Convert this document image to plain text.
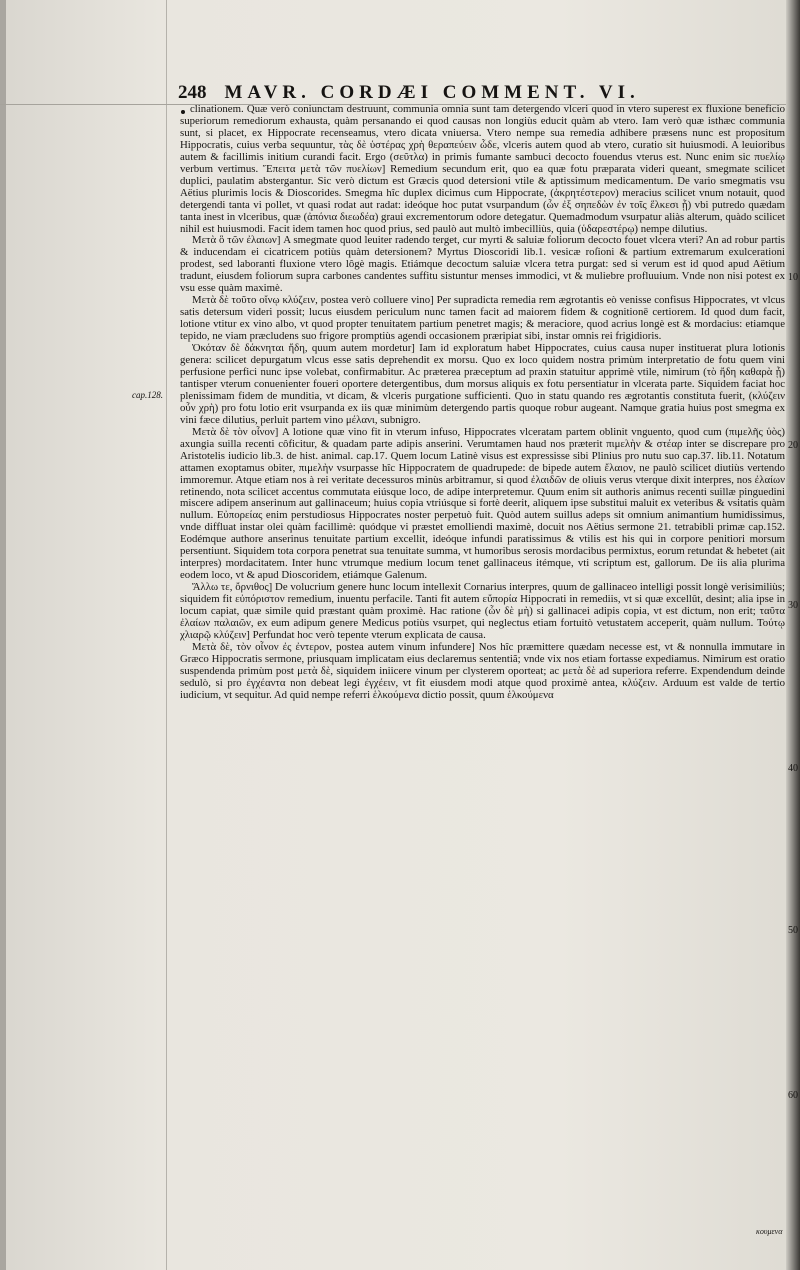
248 MAVR. CORDÆI COMMENT. VI.
cap.128.
10
20
30
40
50
60

clinationem. Quæ verò coniunctam destruunt, communia omnia sunt tam detergendo vlceri quod in vtero superest ex fluxione beneficio superiorum remediorum exhausta, quàm persanando ei quod causas non longiùs educit quàm ab vtero. Iam verò quæ isthæc communia sunt, si placet, ex Hippocrate recenseamus, vtero dicata vniuersa. Vtero nempe sua remedia adhibere præsens nunc est propositum Hippocratis, cuius verba sequuntur, τὰς δὲ ὑστέρας χρὴ θεραπεύειν ὧδε, vlceris autem quod ab vtero, curatio sit huiusmodi. A leuioribus autem & facillimis initium curandi facit. Ergo (σεῦτλα) in primis fumante sambuci decocto fouendus vterus est. Nunc enim sic πυελίῳ verbum vertimus. Ἔπειτα μετὰ τῶν πυελίων] Remedium secundum erit, quo ea quæ fotu præparata videri queant, smegmate scilicet duplici, paulatim abstergantur. Sic verò dictum est Græcis quod detersioni vtile & aptissimum medicamentum. De vario smegmatis vsu Aëtius plurimis locis & Dioscorides. Smegma hîc duplex dicimus cum Hippocrate, (ἀκρητέστερον) meracius scilicet vnum notauit, quod detergendi tanta vi pollet, vt quasi rodat aut radat: ideóque hoc putat vsurpandum (ὧν ἐξ σηπεδὼν ἐν τοῖς ἕλκεσι ᾖ) vbi putredo quædam tanta inest in vlceribus, quæ (ἀπόνια διεωδέα) graui excrementorum odore detegatur. Quemadmodum vsurpatur aliàs alterum, quàdo scilicet nihil est huiusmodi. Facit idem tamen hoc quod prius, sed paulò aut multò imbecilliùs, quia (ὑδαρεστέρῳ) nempe dilutius.

Μετὰ ὃ τῶν ἐλαιων] A smegmate quod leuiter radendo terget, cur myrti & saluiæ foliorum decocto fouet vlcera vteri? An ad robur partis & inducendam ei cicatricem potiùs quàm detersionem? Myrtus Dioscoridi lib.1. vesicæ roſioni & partium extremarum exulcerationi prodest, sed laboranti fluxione vtero lôgè magis. Etiámque decoctum saluiæ vlcera tetra purgat: sed si verum est id quod apud Aëtium tradunt, eiusdem foliorum supra carbones candentes suffitu sistuntur menses immodici, vt & muliebre profluuium. Vnde non nisi potest ex vsu esse quàm maximè.

Μετὰ δὲ τοῦτο οἴνῳ κλύζειν, postea verò colluere vino] Per supradicta remedia rem ægrotantis eò venisse confisus Hippocrates, vt vlcus satis detersum videri possit; lucus eiusdem periculum nunc tamen facit ad maiorem fidem & cognitionē certiorem. Id quod dum facit, lotione vtitur ex vino albo, vt quod propter tenuitatem partium penetret magis; & meraciore, quod acrius longè est & mordacius: etiamque tepido, ne viam præcludens suo frigore promptiùs agendi occasionem præripiat sibi, instar omnis rei frigidioris.

Ὁκόταν δὲ δάκνηται ἤδη, quum autem mordetur] Iam id exploratum habet Hippocrates, cuius causa nuper instituerat plura lotionis genera: scilicet depurgatum vlcus esse satis deprehendit ex morsu. Quo ex loco quidem nostra primùm interpretatio de fotu quem vini perfusione perfici nunc ipse volebat, confirmabitur. Ac præterea præceptum ad praxin statuitur apprimè vtile, nimirum (τὸ ἤδη καθαρὰ ᾖ) tantisper vterum conuenienter foueri oportere detergentibus, dum morsus aliquis ex fotu persentiatur in vlcerata parte. Siquidem faciat hoc plenissimam fidem de munditia, vt dicam, & vlceris purgatione sufficienti. Quo in statu quando res ægrotantis constituta fuerit, (κλύζειν οὖν χρὴ) pro fotu lotio erit vsurpanda ex iis quæ minimùm detergendo partis quoque robur augeant. Namque gratia huius post smegma ex vini fæce dilutius, perluit partem vino μέλανι, subnigro.

Μετὰ δὲ τὸν οἶνον] A lotione quæ vino fit in vterum infuso, Hippocrates vlceratam partem oblinit vnguento, quod cum (πιμελῆς ὑὸς) axungia suilla recenti côficitur, & quadam parte adipis anserini. Verumtamen haud nos præterit πιμελὴν & στέαρ inter se discrepare pro Aristotelis iudicio lib.3. de hist. animal. cap.17. Quem locum Latinè visus est expressisse sibi Plinius pro nutu suo cap.37. lib.11. Notatum attamen exoptamus obiter, πιμελὴν vsurpasse hîc Hippocratem de quadrupede: de bipede autem ἔλαιον, ne paulò scilicet diutiùs vertendo immoremur. Atque etiam nos à rei veritate decessuros minùs arbitramur, si quod ἐλαιδῶν de oliuis verus vterque dixit interpres, nos ἐλαίων retinendo, nota scilicet accentus commutata eiúsque loco, de adipe interpretemur. Quum enim sit authoris animus recenti suillæ pinguedini miscere adipem anserinum aut gallinaceum; huius copia vtriúsque si fortè deerit, aliquem ipse substitui maluit ex veteribus & vsitatis quàm nullum. Εὐπορείας enim perstudiosus Hippocrates noster perpetuò fuit. Quòd autem suillus adeps sit omnium animantium humidissimus, vnde diffluat instar olei quàm facillimè: quódque vi præstet emolliendi maximè, docuit nos Aëtius sermone 21. tetrabibli primæ cap.152. Eodémque authore anserinus tenuitate partium excellit, ideóque infundi paratissimus & vtilis est his qui in corpore penitiori morsum persentiunt. Siquidem tota corpora penetrat sua tenuitate summa, vt humoribus serosis mordacibus permixtus, eorum retundat & hebetet (ait interpres) mordacitatem. Inter hunc vtrumque medium locum tenet gallinaceus itémque, vti scriptum est, gallorum. De iis alia plurima eodem loco, vt & apud Dioscoridem, etiámque Galenum.

Ἄλλω τε, ὄρνιθος] De volucrium genere hunc locum intellexit Cornarius interpres, quum de gallinaceo intelligi possit longè verisimiliùs; siquidem fit εὐπόριστον remedium, inuentu perfacile. Tanti fit autem εὔπορία Hippocrati in remediis, vt si quæ excellût, desint; alia ipse in locum capiat, quæ simile quid præstant quàm proximè. Hac ratione (ὧν δὲ μὴ) si gallinacei adipis copia, vt est dictum, non erit; ταῦτα ἐλαίων παλαιῶν, ex eum adipum genere Medicus potiùs vsurpet, qui neglectus etiam fortuitò vetustatem acceperit, quàm nullum. Τούτῳ χλιαρῷ κλύζειν] Perfundat hoc verò tepente vterum explicata de causa.

Μετὰ δὲ, τὸν οἶνον ἐς ἐντερον, postea autem vinum infundere] Nos hîc præmittere quædam necesse est, vt & nonnulla immutare in Græco Hippocratis sermone, priusquam implicatam eius declaremus sententiã; vnde vix nos etiam fortasse expediamus. Nimirum est oratio suspendenda primùm post μετὰ δὲ, siquidem iniicere vinum per clysterem oporteat; ac μετὰ δὲ ad superiora referre. Expendendum deinde sedulò, si pro ἐγχέαντα non debeat legi ἐγχέειν, vt fit eiusdem modi atque quod proximè antea, κλύζειν. Arduum est valde de tertio iudicium, vt sequitur. Ad quid nempe referri ἑλκούμενα dictio possit, quum ἑλκούμενα

κουμενα
